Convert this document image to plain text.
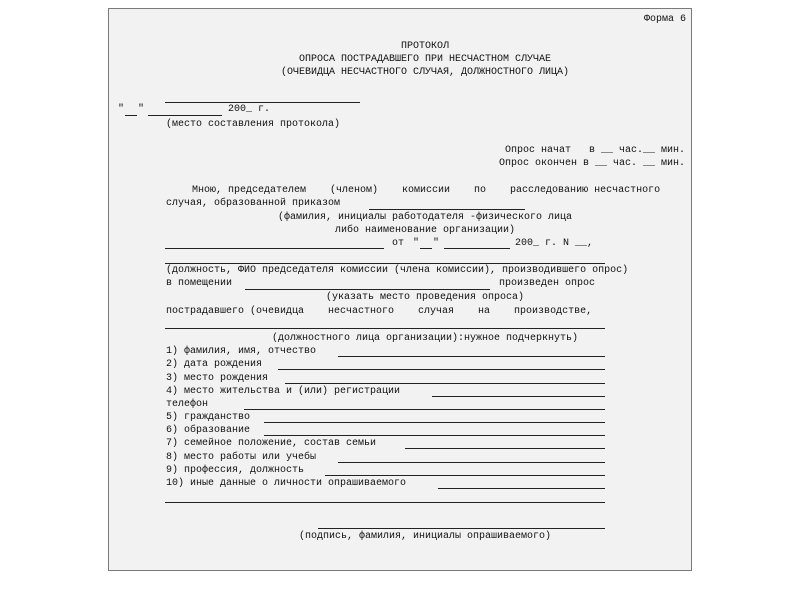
Форма 6
ПРОТОКОЛ
ОПРОСА ПОСТРАДАВШЕГО ПРИ НЕСЧАСТНОМ СЛУЧАЕ
(ОЧЕВИДЦА НЕСЧАСТНОГО СЛУЧАЯ, ДОЛЖНОСТНОГО ЛИЦА)
" "	200_ г.
(место составления протокола)
Опрос начат   в __ час.__ мин.
Опрос окончен в __ час. __ мин.
Мною, председателем    (членом)    комиссии    по    расследованию несчастного
случая, образованной приказом
(фамилия, инициалы работодателя -физического лица
либо наименование организации)
от " "	200_ г. N __,
(должность, ФИО председателя комиссии (члена комиссии), производившего опрос)
в помещении	произведен опрос
(указать место проведения опроса)
пострадавшего (очевидца    несчастного    случая    на    производстве,
(должностного лица организации):нужное подчеркнуть)
1) фамилия, имя, отчество
2) дата рождения
3) место рождения
4) место жительства и (или) регистрации
телефон
5) гражданство
6) образование
7) семейное положение, состав семьи
8) место работы или учебы
9) профессия, должность
10) иные данные о личности опрашиваемого
(подпись, фамилия, инициалы опрашиваемого)
